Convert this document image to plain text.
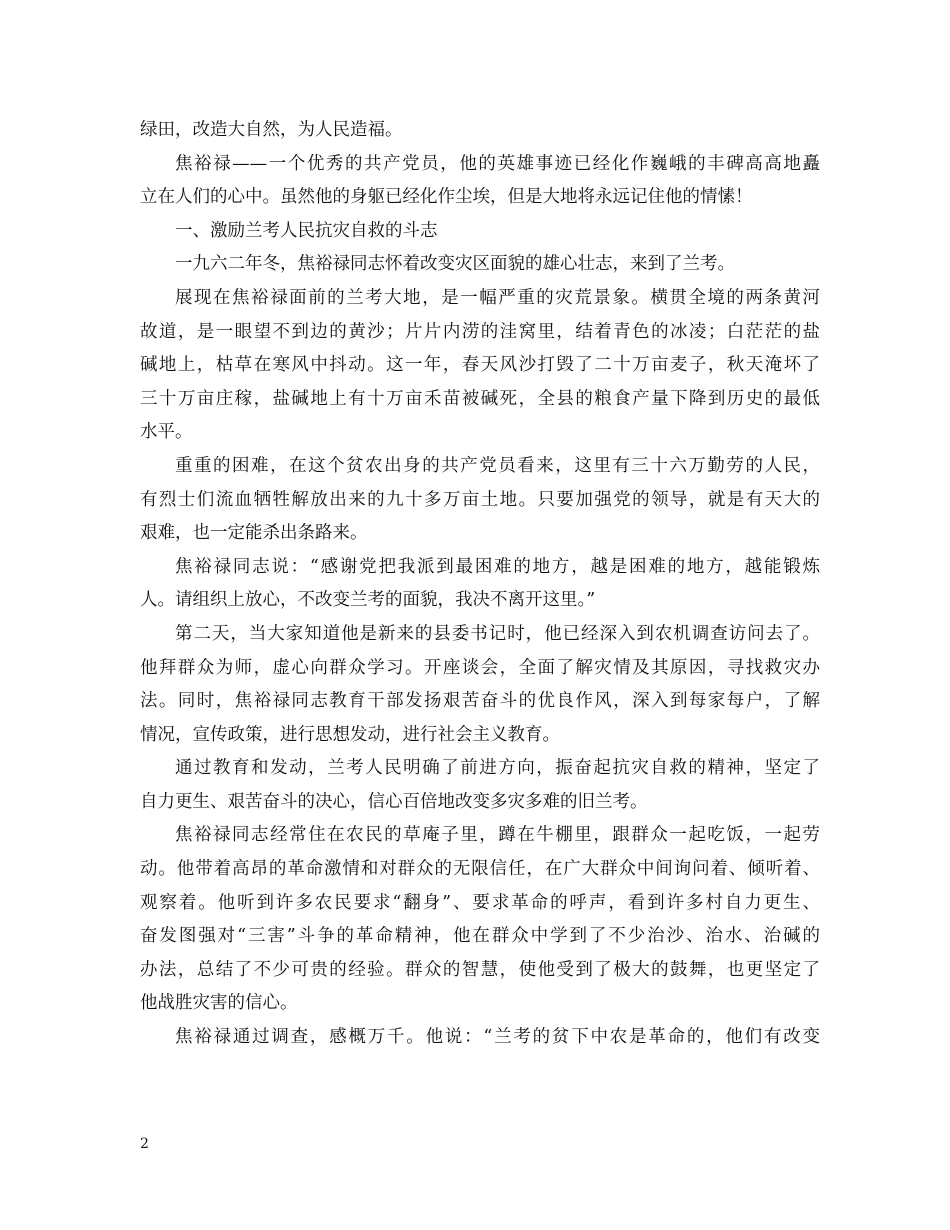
绿田，改造大自然，为人民造福。
焦裕禄——一个优秀的共产党员，他的英雄事迹已经化作巍峨的丰碑高高地矗
立在人们的心中。虽然他的身躯已经化作尘埃，但是大地将永远记住他的情愫！
一、激励兰考人民抗灾自救的斗志
一九六二年冬，焦裕禄同志怀着改变灾区面貌的雄心壮志，来到了兰考。
展现在焦裕禄面前的兰考大地，是一幅严重的灾荒景象。横贯全境的两条黄河
故道，是一眼望不到边的黄沙；片片内涝的洼窝里，结着青色的冰凌；白茫茫的盐
碱地上，枯草在寒风中抖动。这一年，春天风沙打毁了二十万亩麦子，秋天淹坏了
三十万亩庄稼，盐碱地上有十万亩禾苗被碱死，全县的粮食产量下降到历史的最低
水平。
重重的困难，在这个贫农出身的共产党员看来，这里有三十六万勤劳的人民，
有烈士们流血牺牲解放出来的九十多万亩土地。只要加强党的领导，就是有天大的
艰难，也一定能杀出条路来。
焦裕禄同志说：“感谢党把我派到最困难的地方，越是困难的地方，越能锻炼
人。请组织上放心，不改变兰考的面貌，我决不离开这里。”
第二天，当大家知道他是新来的县委书记时，他已经深入到农机调查访问去了。
他拜群众为师，虚心向群众学习。开座谈会，全面了解灾情及其原因，寻找救灾办
法。同时，焦裕禄同志教育干部发扬艰苦奋斗的优良作风，深入到每家每户，了解
情况，宣传政策，进行思想发动，进行社会主义教育。
通过教育和发动，兰考人民明确了前进方向，振奋起抗灾自救的精神，坚定了
自力更生、艰苦奋斗的决心，信心百倍地改变多灾多难的旧兰考。
焦裕禄同志经常住在农民的草庵子里，蹲在牛棚里，跟群众一起吃饭，一起劳
动。他带着高昂的革命激情和对群众的无限信任，在广大群众中间询问着、倾听着、
观察着。他听到许多农民要求“翻身”、要求革命的呼声，看到许多村自力更生、
奋发图强对“三害”斗争的革命精神，他在群众中学到了不少治沙、治水、治碱的
办法，总结了不少可贵的经验。群众的智慧，使他受到了极大的鼓舞，也更坚定了
他战胜灾害的信心。
焦裕禄通过调查，感概万千。他说：“兰考的贫下中农是革命的，他们有改变
2
